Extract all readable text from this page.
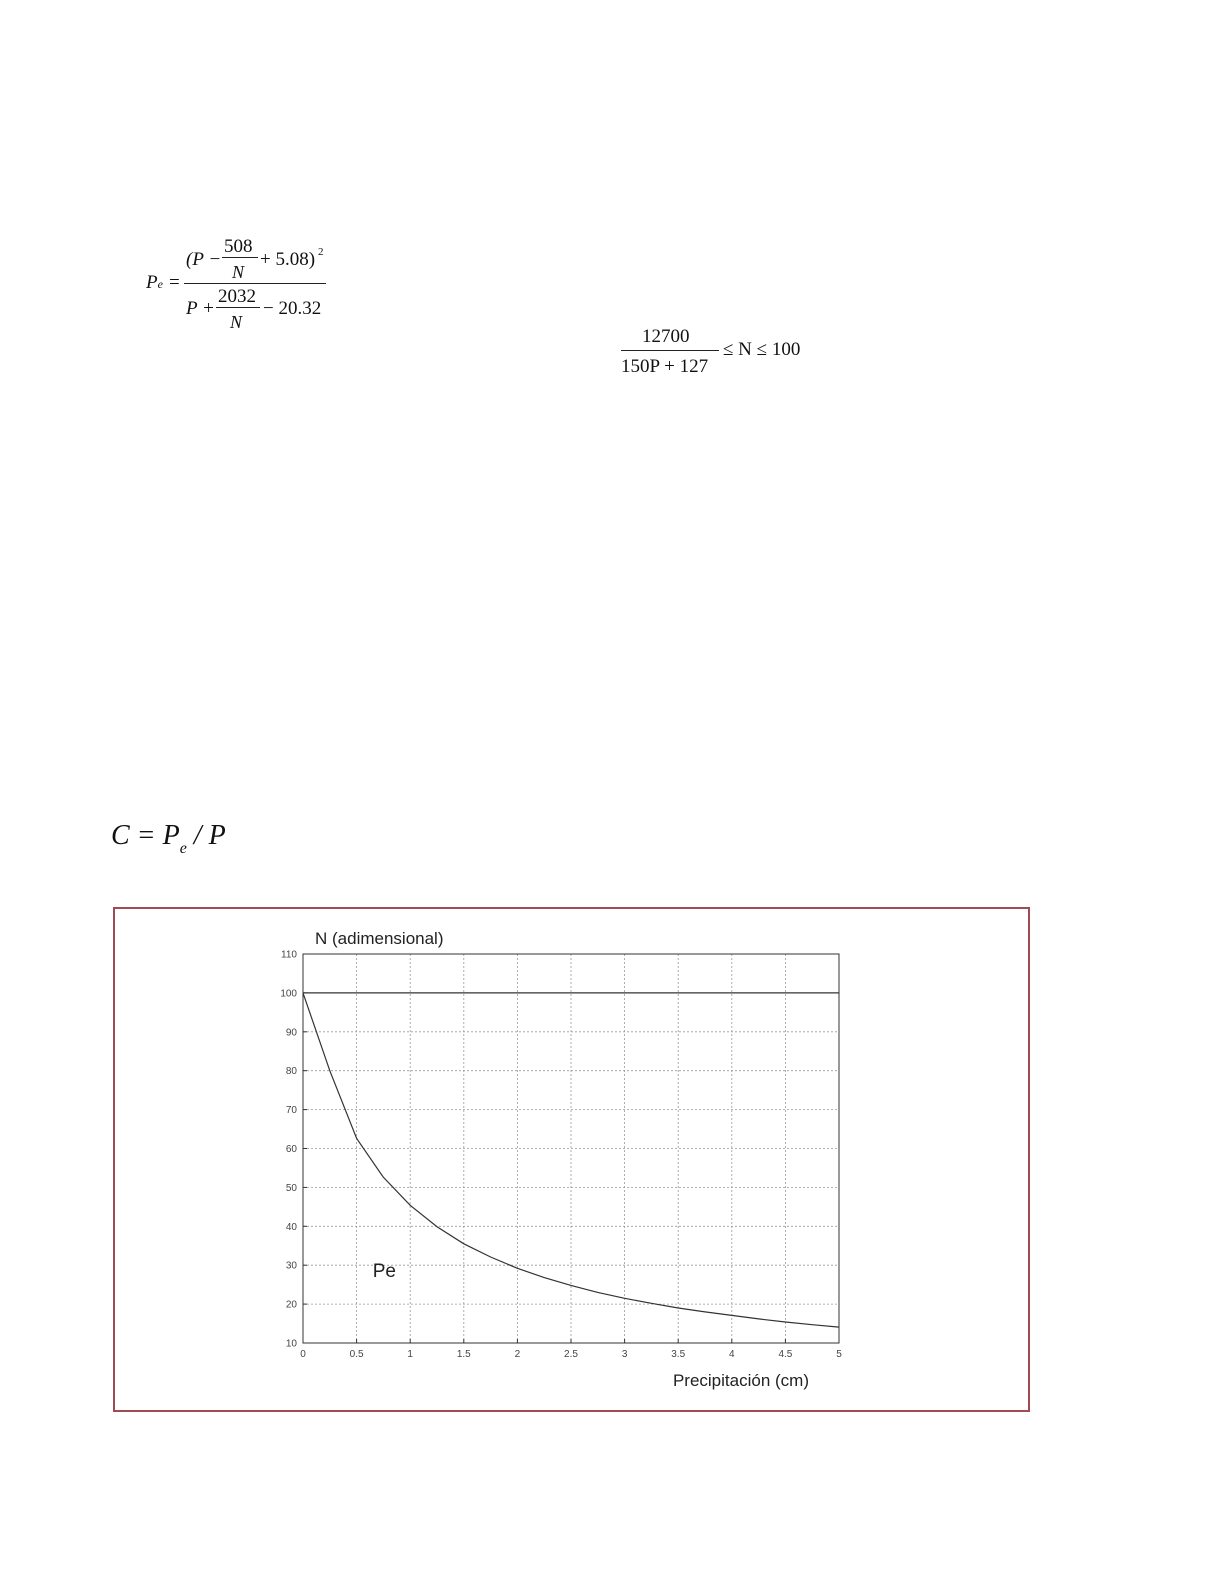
Pe =
(P −
508
N
+ 5.08) 2
P +
2032
N
− 20.32
12700
150P + 127
≤ N ≤ 100
$C = P_e / P$
0	0.5	1	1.5	2	2.5	3	3.5	4	4.5	5
10
20
30
40
50
60
70
80
90
100
110
N (adimensional)
Precipitación (cm)
Pe
